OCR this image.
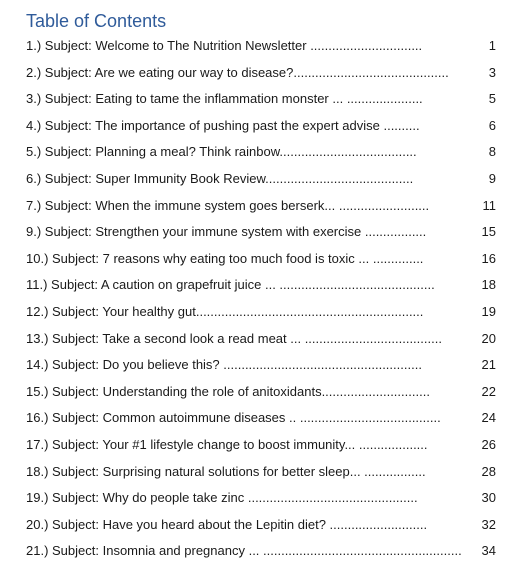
Table of Contents
1.) Subject: Welcome to The Nutrition Newsletter ...............................	1
2.) Subject: Are we eating our way to disease?...........................................	3
3.) Subject: Eating to tame the inflammation monster ... .....................	5
4.) Subject: The importance of pushing past the expert advise ..........	6
5.) Subject: Planning a meal? Think rainbow......................................	8
6.) Subject: Super Immunity Book Review.........................................	9
7.) Subject: When the immune system goes berserk... .........................	11
9.) Subject: Strengthen your immune system with exercise .................	15
10.) Subject: 7 reasons why eating too much food is toxic ... ..............	16
11.) Subject: A caution on grapefruit juice ... ...........................................	18
12.) Subject: Your healthy gut...............................................................	19
13.) Subject: Take a second look a read meat ... ......................................	20
14.) Subject: Do you believe this? .......................................................	21
15.) Subject: Understanding the role of anitoxidants..............................	22
16.) Subject: Common autoimmune diseases .. .......................................	24
17.) Subject: Your #1 lifestyle change to boost immunity... ...................	26
18.) Subject: Surprising natural solutions for better sleep... .................	28
19.) Subject: Why do people take zinc ...............................................	30
20.) Subject: Have you heard about the Lepitin diet? ...........................	32
21.) Subject: Insomnia and pregnancy ... .......................................................	34
